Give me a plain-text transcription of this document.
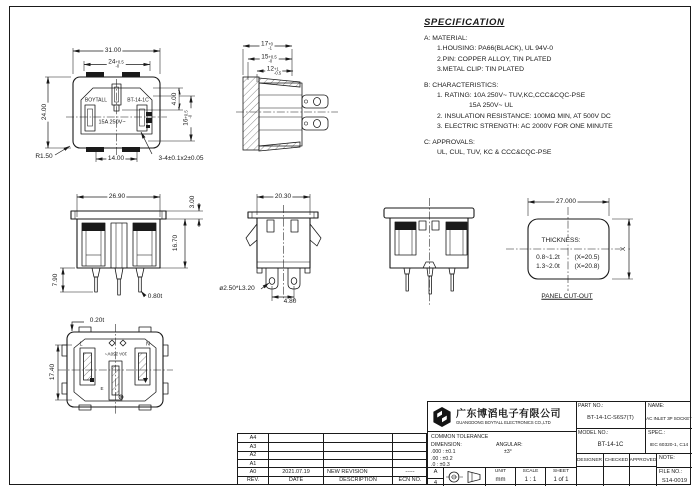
31.00
24 +0.5
-0
24.00
4.00
16
+0.5 -0
14.00
R1.50	3-4±0.1x2±0.05
BOYTALL	BT-14-1C
15A 250V~
17 +0
-1
15 +0.5
-0
12 +1
-0.5
26.90	3.00
16.70
7.90
0.80t
20.30
ø2.50*L3.20
4.80
27.000
X
THICKNESS:
0.8~1.2t (X=20.5)
1.3~2.0t (X=20.8)
PANEL CUT-OUT
0.20t
17.40
L	N
10A 250V~
E
SPECIFICATION
A: MATERIAL:
1.HOUSING: PA66(BLACK), UL 94V-0
2.PIN: COPPER ALLOY, TIN PLATED
3.METAL CLIP: TIN PLATED
B: CHARACTERISTICS:
1. RATING: 10A 250V~ TUV,KC,CCC&CQC-PSE
15A 250V~ UL
2. INSULATION RESISTANCE: 100MΩ MIN, AT 500V DC
3. ELECTRIC STRENGTH: AC 2000V FOR ONE MINUTE
C: APPROVALS:
UL, CUL, TUV, KC & CCC&CQC-PSE
A4
A3
A2
A1
A0	2021.07.19	NEW REVISION	-----
REV.	DATE	DESCRIPTION	ECN NO.
广东博滔电子有限公司
GUANGDONG BOYTALL ELECTRONICS CO.,LTD
COMMON TOLERANCE
DIMENSION:	ANGULAR:
.000 : ±0.1	±3°
.00 : ±0.2
.0 : ±0.3
A
4
UNIT
mm
SCALE
1 : 1
SHEET
1 of 1
PART NO.:
BT-14-1C-S6S7(T)
NAME:
AC INLET 3P SOCKET
MODEL NO.:
BT-14-1C
SPEC.:
IEC 60320-1, C14
DESIGNER CHECKED APPROVED NOTE:
FILE NO.:
S14-0019
